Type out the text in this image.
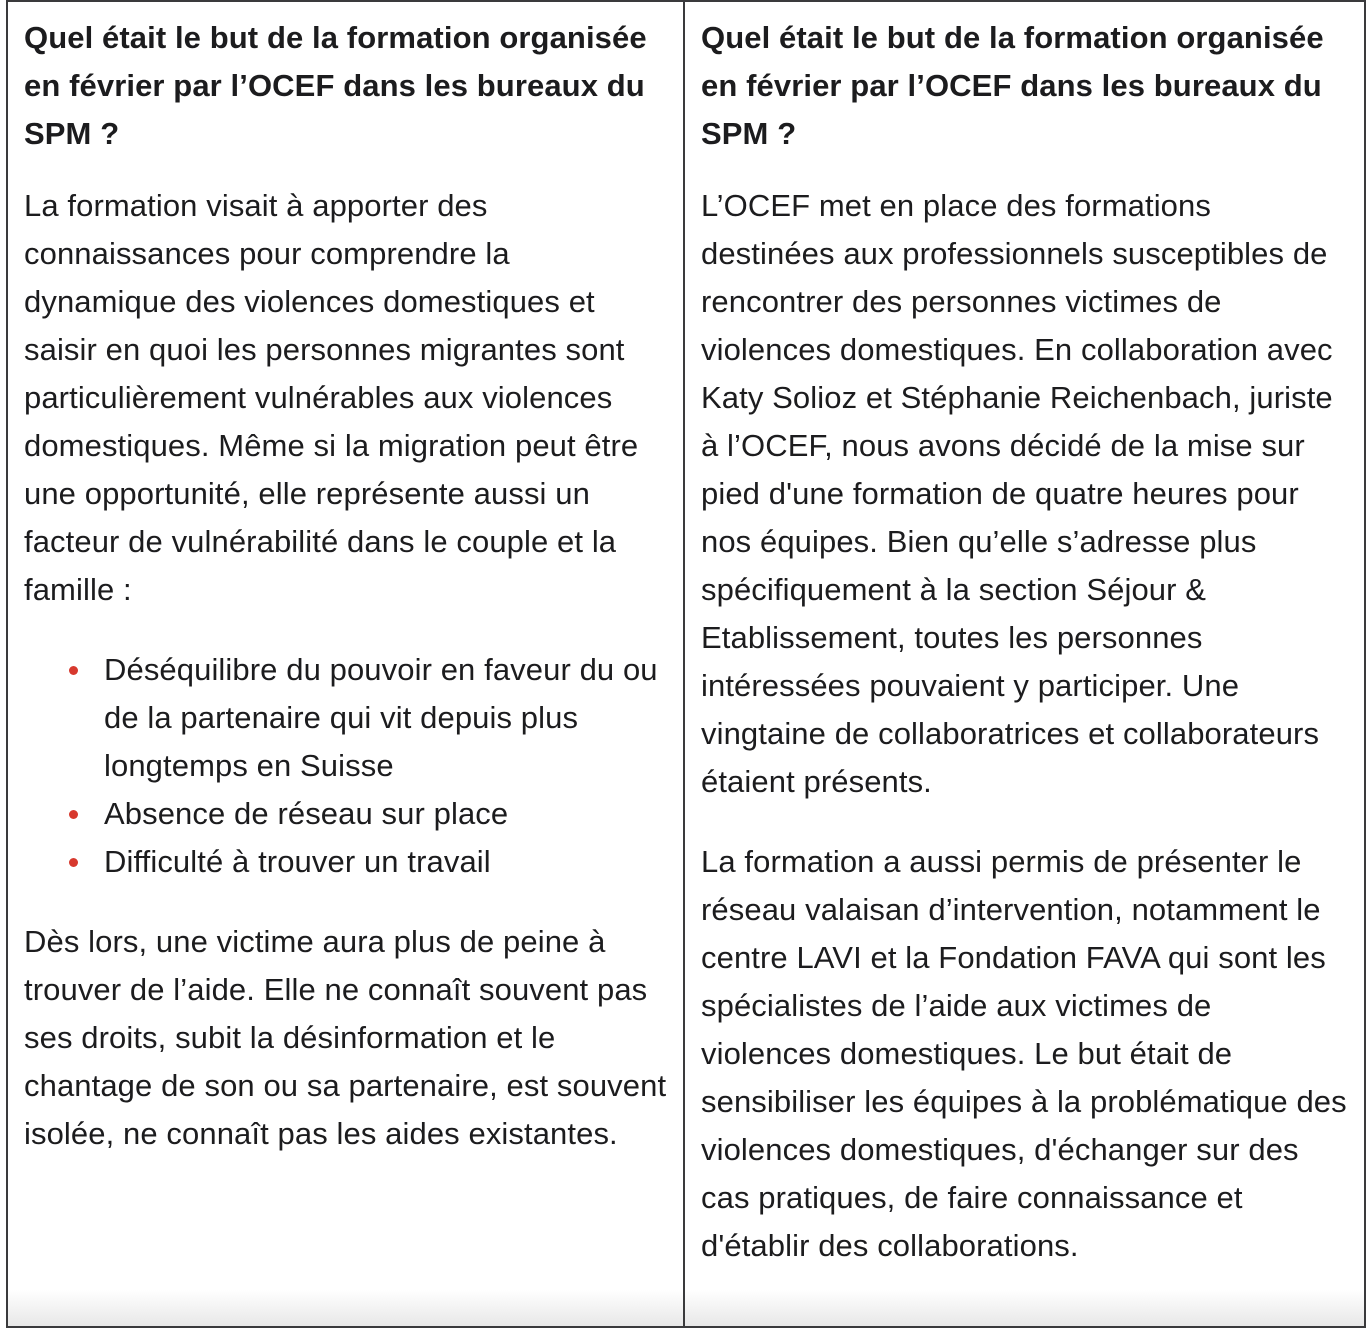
Quel était le but de la formation organisée en février par l’OCEF dans les bureaux du SPM ?

La formation visait à apporter des connaissances pour comprendre la dynamique des violences domestiques et saisir en quoi les personnes migrantes sont particulièrement vulnérables aux violences domestiques. Même si la migration peut être une opportunité, elle représente aussi un facteur de vulnérabilité dans le couple et la famille :

Déséquilibre du pouvoir en faveur du ou de la partenaire qui vit depuis plus longtemps en Suisse
Absence de réseau sur place
Difficulté à trouver un travail

Dès lors, une victime aura plus de peine à trouver de l’aide. Elle ne connaît souvent pas ses droits, subit la désinformation et le chantage de son ou sa partenaire, est souvent isolée, ne connaît pas les aides existantes.

Quel était le but de la formation organisée en février par l’OCEF dans les bureaux du SPM ?

L’OCEF met en place des formations destinées aux professionnels susceptibles de rencontrer des personnes victimes de violences domestiques. En collaboration avec Katy Solioz et Stéphanie Reichenbach, juriste à l’OCEF, nous avons décidé de la mise sur pied d'une formation de quatre heures pour nos équipes. Bien qu’elle s’adresse plus spécifiquement à la section Séjour & Etablissement, toutes les personnes intéressées pouvaient y participer. Une vingtaine de collaboratrices et collaborateurs étaient présents.

La formation a aussi permis de présenter le réseau valaisan d’intervention, notamment le centre LAVI et la Fondation FAVA qui sont les spécialistes de l’aide aux victimes de violences domestiques. Le but était de sensibiliser les équipes à la problématique des violences domestiques, d'échanger sur des cas pratiques, de faire connaissance et d'établir des collaborations.
